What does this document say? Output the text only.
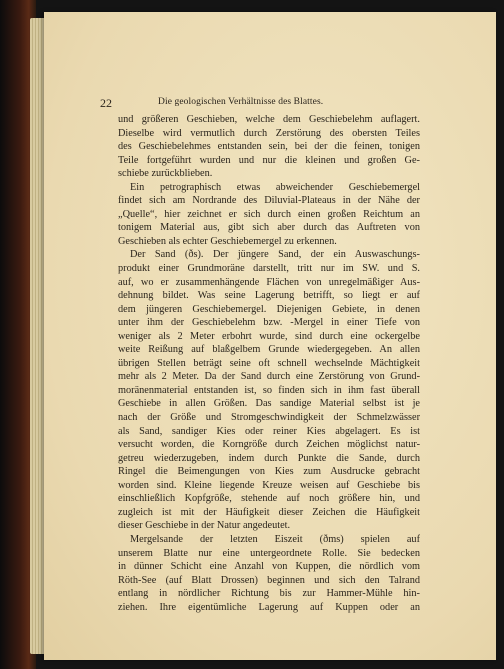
22	Die geologischen Verhältnisse des Blattes.
und größeren Geschieben, welche dem Geschiebelehm auflagert.
Dieselbe wird vermutlich durch Zerstörung des obersten Teiles
des Geschiebelehmes entstanden sein, bei der die feinen, tonigen
Teile fortgeführt wurden und nur die kleinen und großen Ge-
schiebe zurückblieben.
Ein petrographisch etwas abweichender Geschiebemergel
findet sich am Nordrande des Diluvial-Plateaus in der Nähe der
„Quelle“, hier zeichnet er sich durch einen großen Reichtum an
tonigem Material aus, gibt sich aber durch das Auftreten von
Geschieben als echter Geschiebemergel zu erkennen.
Der Sand (ðs). Der jüngere Sand, der ein Auswaschungs-
produkt einer Grundmoräne darstellt, tritt nur im SW. und S.
auf, wo er zusammenhängende Flächen von unregelmäßiger Aus-
dehnung bildet. Was seine Lagerung betrifft, so liegt er auf
dem jüngeren Geschiebemergel. Diejenigen Gebiete, in denen
unter ihm der Geschiebelehm bzw. -Mergel in einer Tiefe von
weniger als 2 Meter erbohrt wurde, sind durch eine ockergelbe
weite Reißung auf blaßgelbem Grunde wiedergegeben. An allen
übrigen Stellen beträgt seine oft schnell wechselnde Mächtigkeit
mehr als 2 Meter. Da der Sand durch eine Zerstörung von Grund-
moränenmaterial entstanden ist, so finden sich in ihm fast überall
Geschiebe in allen Größen. Das sandige Material selbst ist je
nach der Größe und Stromgeschwindigkeit der Schmelzwässer
als Sand, sandiger Kies oder reiner Kies abgelagert. Es ist
versucht worden, die Korngröße durch Zeichen möglichst natur-
getreu wiederzugeben, indem durch Punkte die Sande, durch
Ringel die Beimengungen von Kies zum Ausdrucke gebracht
worden sind. Kleine liegende Kreuze weisen auf Geschiebe bis
einschließlich Kopfgröße, stehende auf noch größere hin, und
zugleich ist mit der Häufigkeit dieser Zeichen die Häufigkeit
dieser Geschiebe in der Natur angedeutet.
Mergelsande der letzten Eiszeit (ðms) spielen auf
unserem Blatte nur eine untergeordnete Rolle. Sie bedecken
in dünner Schicht eine Anzahl von Kuppen, die nördlich vom
Röth-See (auf Blatt Drossen) beginnen und sich den Talrand
entlang in nördlicher Richtung bis zur Hammer-Mühle hin-
ziehen. Ihre eigentümliche Lagerung auf Kuppen oder an
